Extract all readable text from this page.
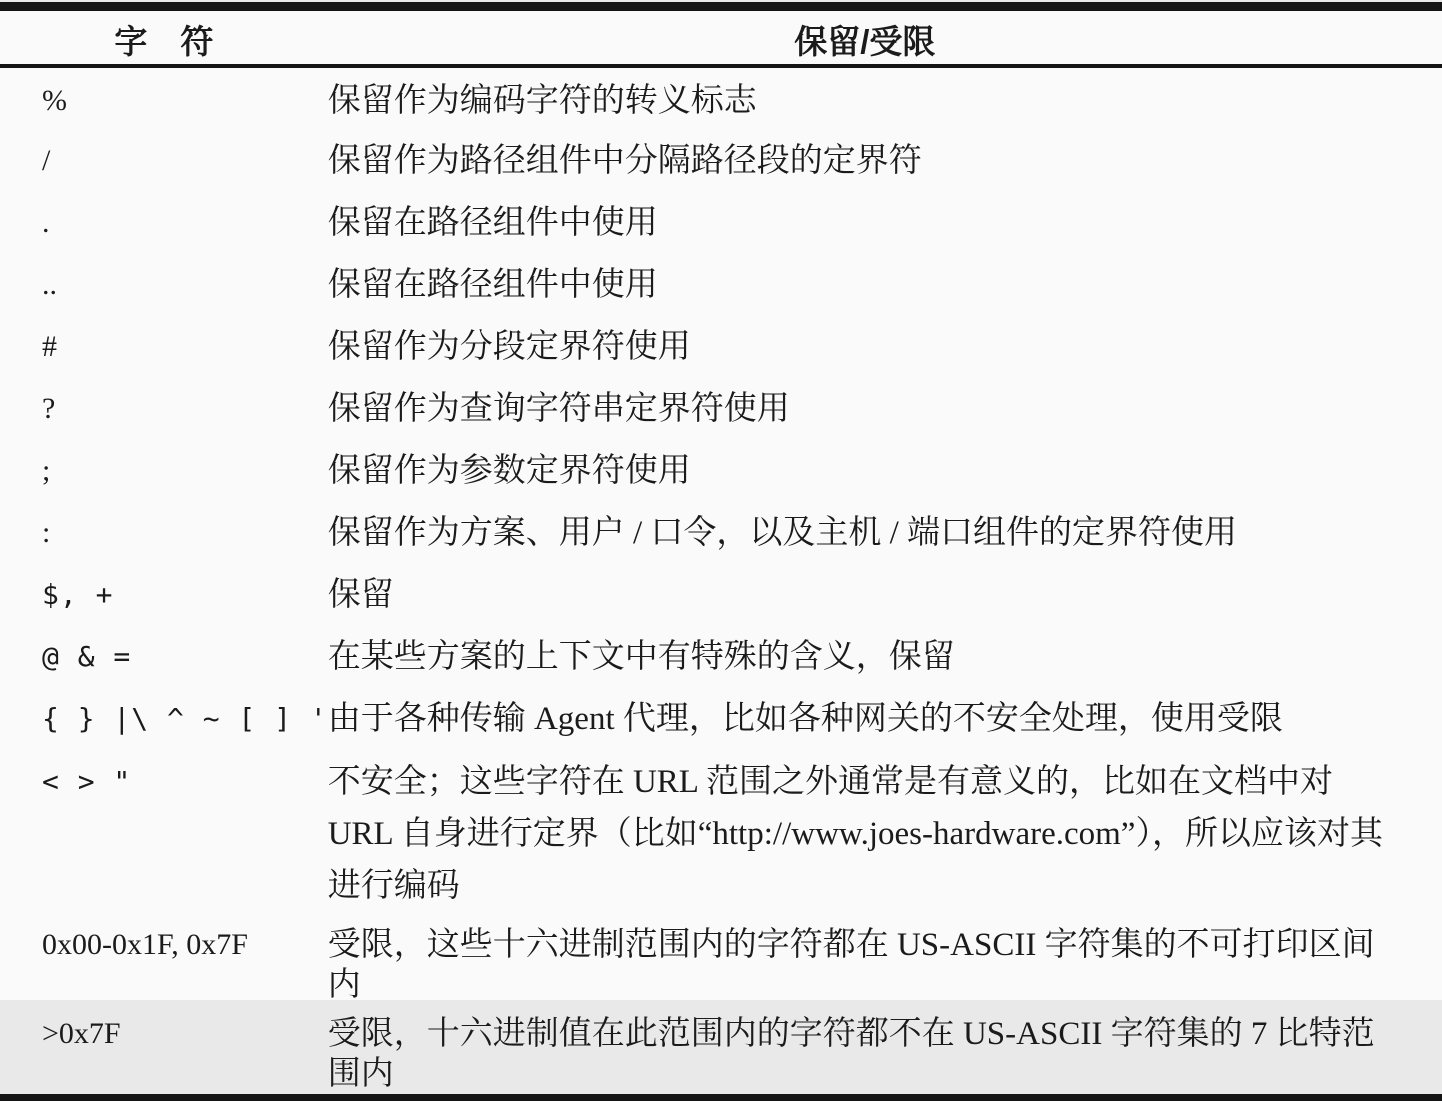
字　符	保留/受限
%	保留作为编码字符的转义标志
/	保留作为路径组件中分隔路径段的定界符
.	保留在路径组件中使用
..	保留在路径组件中使用
#	保留作为分段定界符使用
?	保留作为查询字符串定界符使用
;	保留作为参数定界符使用
:	保留作为方案、用户 / 口令，以及主机 / 端口组件的定界符使用
$, +	保留
@ & =	在某些方案的上下文中有特殊的含义，保留
{ } |\ ^ ~ [ ] '	由于各种传输 Agent 代理，比如各种网关的不安全处理，使用受限
< > "	不安全；这些字符在 URL 范围之外通常是有意义的，比如在文档中对 URL 自身进行定界（比如“http://www.joes-hardware.com”），所以应该对其进行编码
0x00-0x1F, 0x7F	受限，这些十六进制范围内的字符都在 US-ASCII 字符集的不可打印区间内
>0x7F	受限，十六进制值在此范围内的字符都不在 US-ASCII 字符集的 7 比特范围内
